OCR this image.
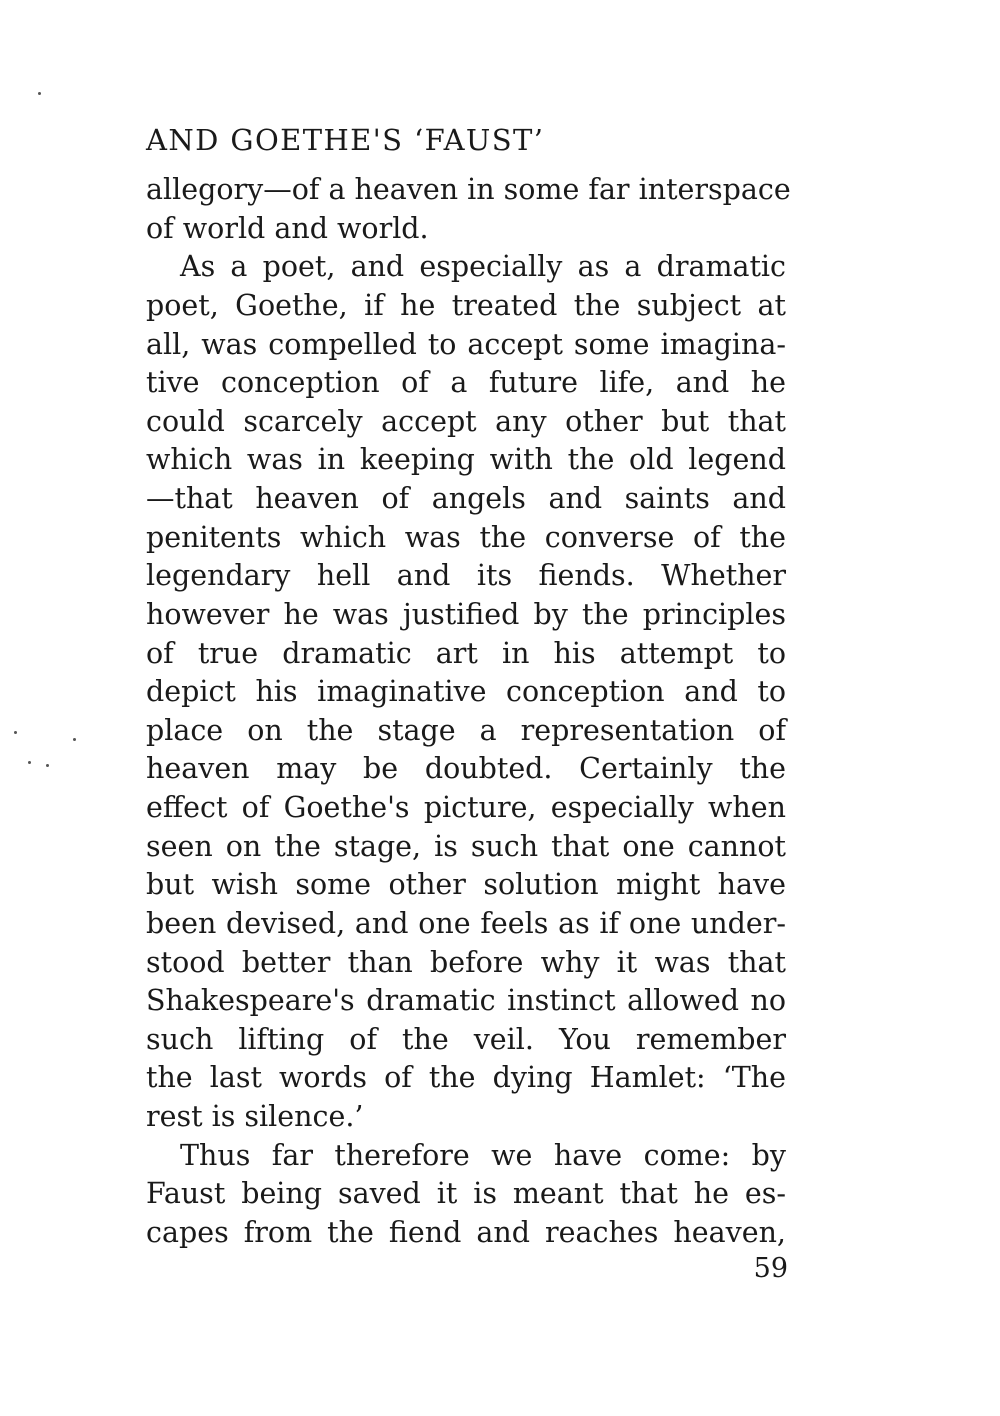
AND GOETHE'S ‘FAUST’
allegory—of a heaven in some far interspace
of world and world.
As a poet, and especially as a dramatic
poet, Goethe, if he treated the subject at
all, was compelled to accept some imagina-
tive conception of a future life, and he
could scarcely accept any other but that
which was in keeping with the old legend
—that heaven of angels and saints and
penitents which was the converse of the
legendary hell and its fiends. Whether
however he was justified by the principles
of true dramatic art in his attempt to
depict his imaginative conception and to
place on the stage a representation of
heaven may be doubted. Certainly the
effect of Goethe's picture, especially when
seen on the stage, is such that one cannot
but wish some other solution might have
been devised, and one feels as if one under-
stood better than before why it was that
Shakespeare's dramatic instinct allowed no
such lifting of the veil. You remember
the last words of the dying Hamlet: ‘The
rest is silence.’
Thus far therefore we have come: by
Faust being saved it is meant that he es-
capes from the fiend and reaches heaven,
59
